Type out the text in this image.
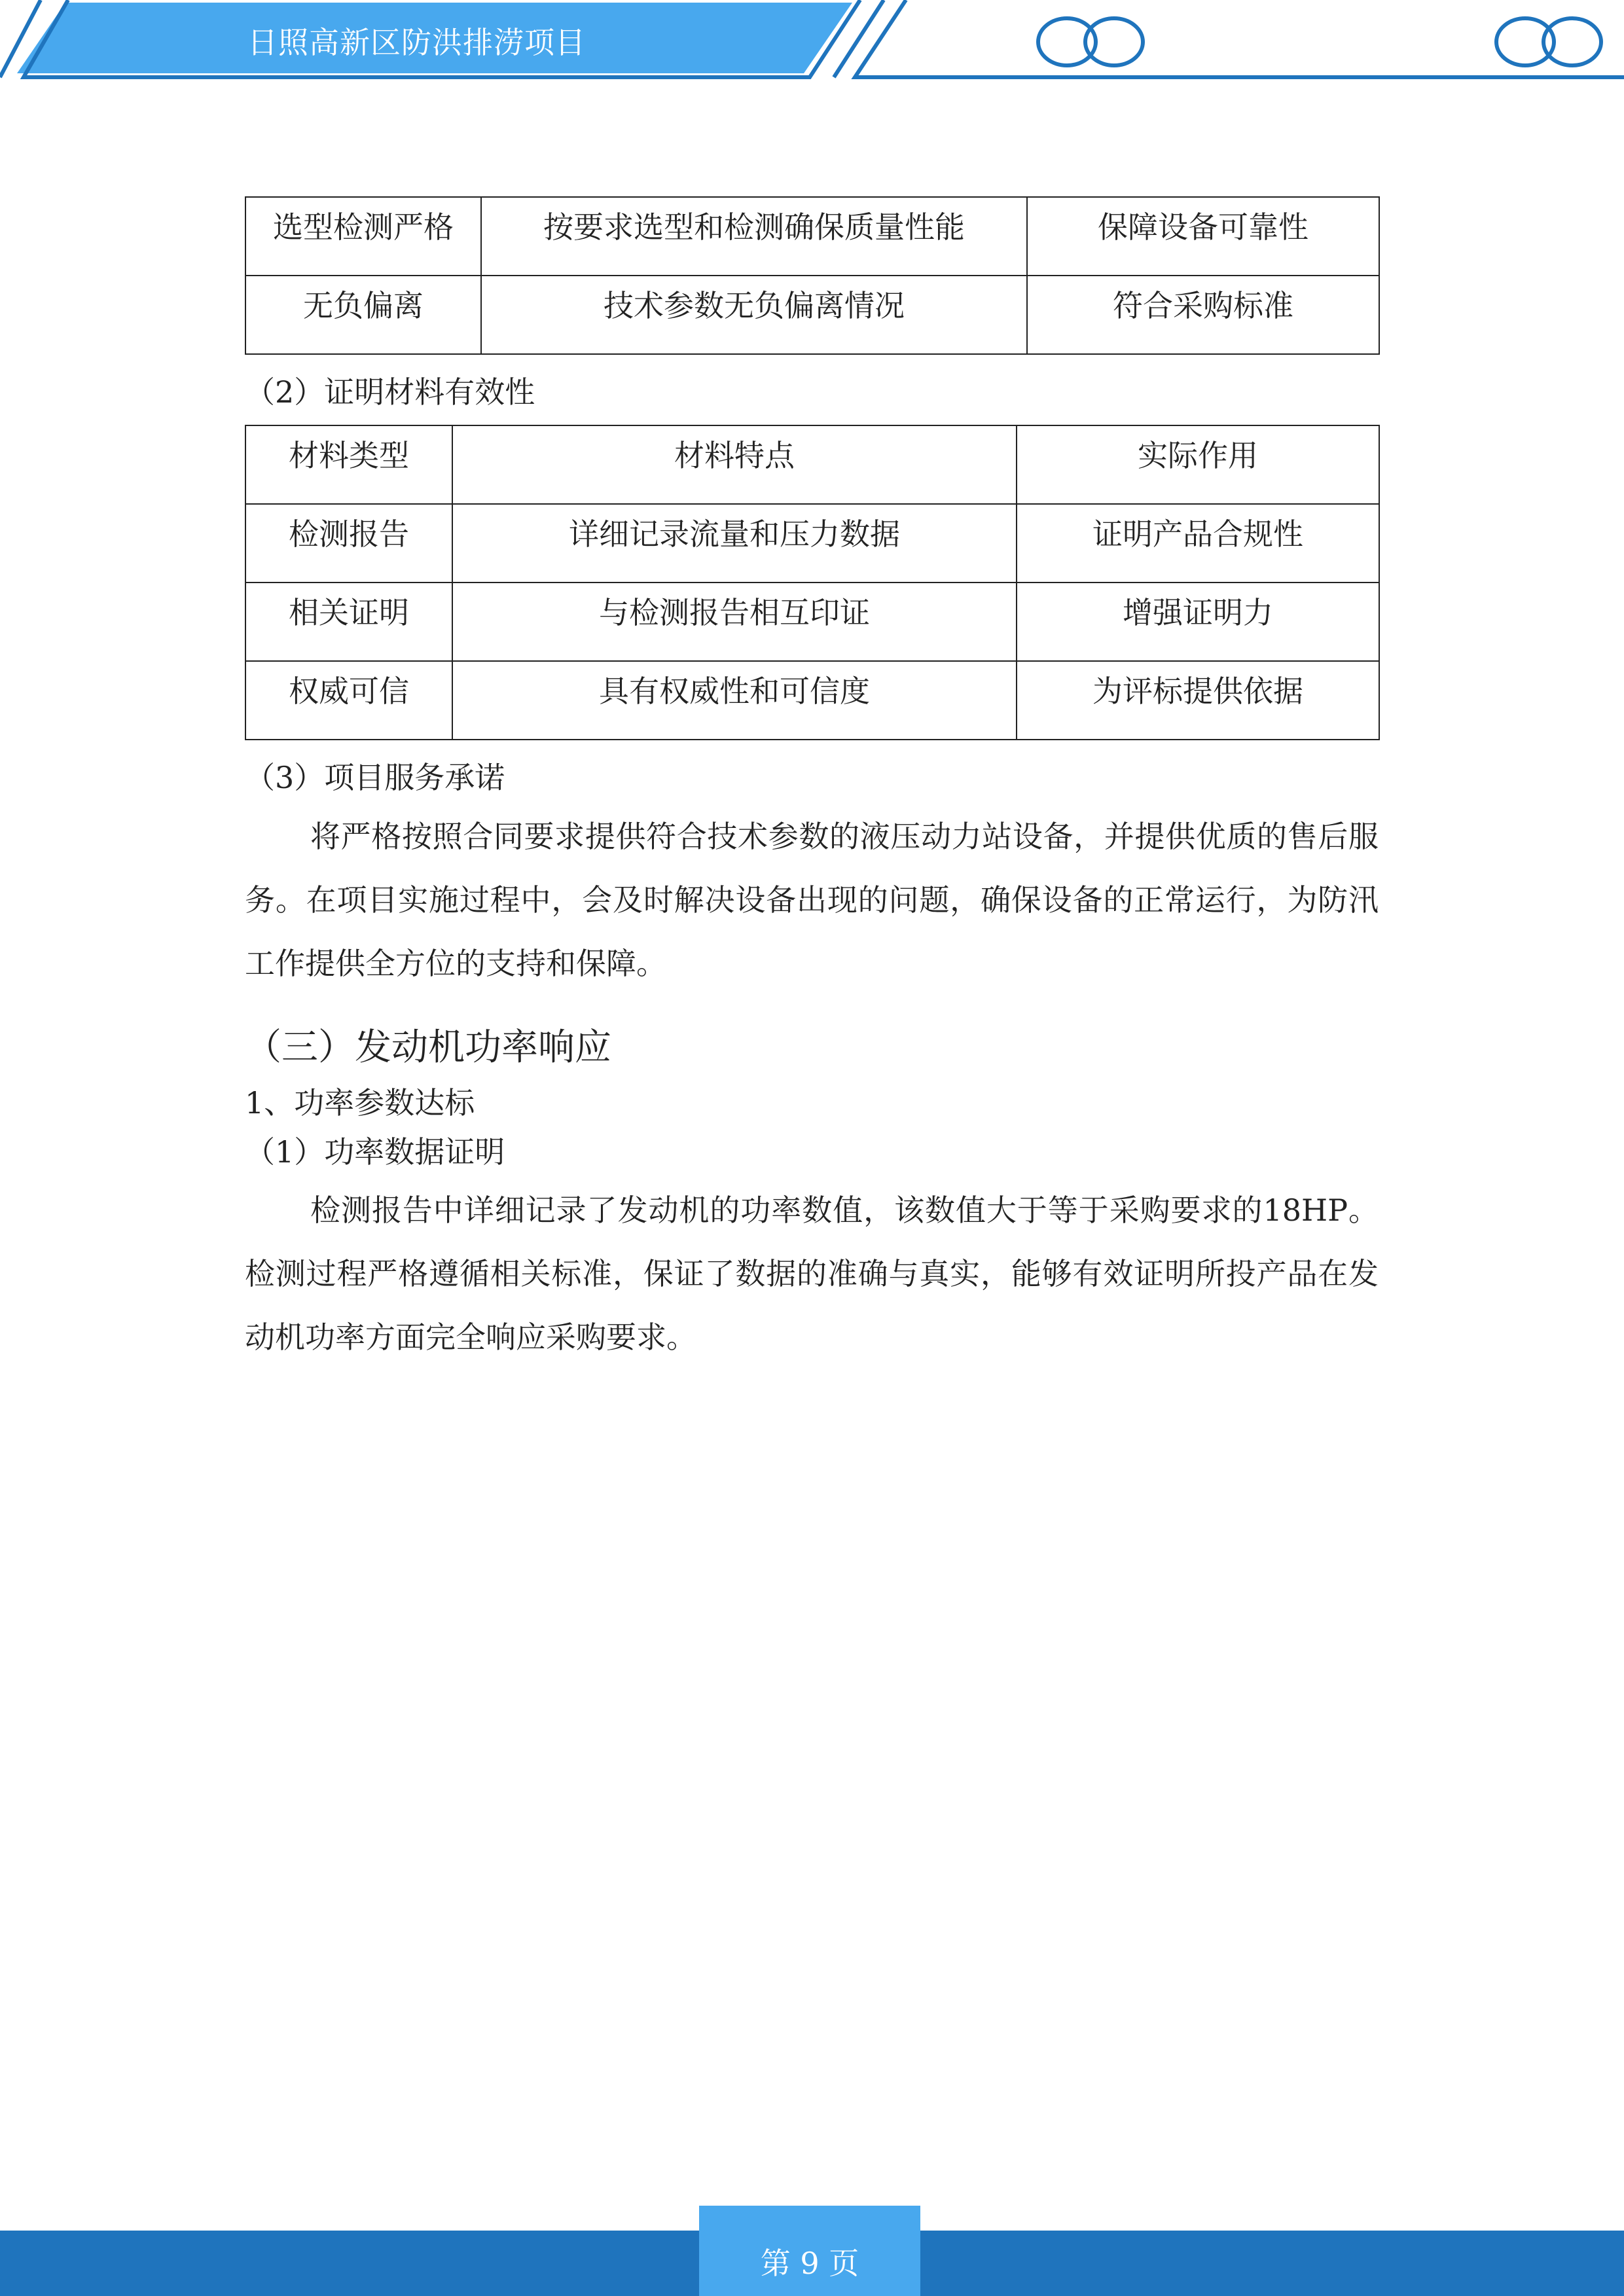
日照高新区防洪排涝项目
选型检测严格	按要求选型和检测确保质量性能	保障设备可靠性
无负偏离	技术参数无负偏离情况	符合采购标准
（2）证明材料有效性
材料类型	材料特点	实际作用
检测报告	详细记录流量和压力数据	证明产品合规性
相关证明	与检测报告相互印证	增强证明力
权威可信	具有权威性和可信度	为评标提供依据
（3）项目服务承诺

将严格按照合同要求提供符合技术参数的液压动力站设备，并提供优质的售后服务。在项目实施过程中，会及时解决设备出现的问题，确保设备的正常运行，为防汛工作提供全方位的支持和保障。

（三）发动机功率响应
1、功率参数达标
（1）功率数据证明

检测报告中详细记录了发动机的功率数值，该数值大于等于采购要求的18HP。检测过程严格遵循相关标准，保证了数据的准确与真实，能够有效证明所投产品在发动机功率方面完全响应采购要求。

第 9 页
